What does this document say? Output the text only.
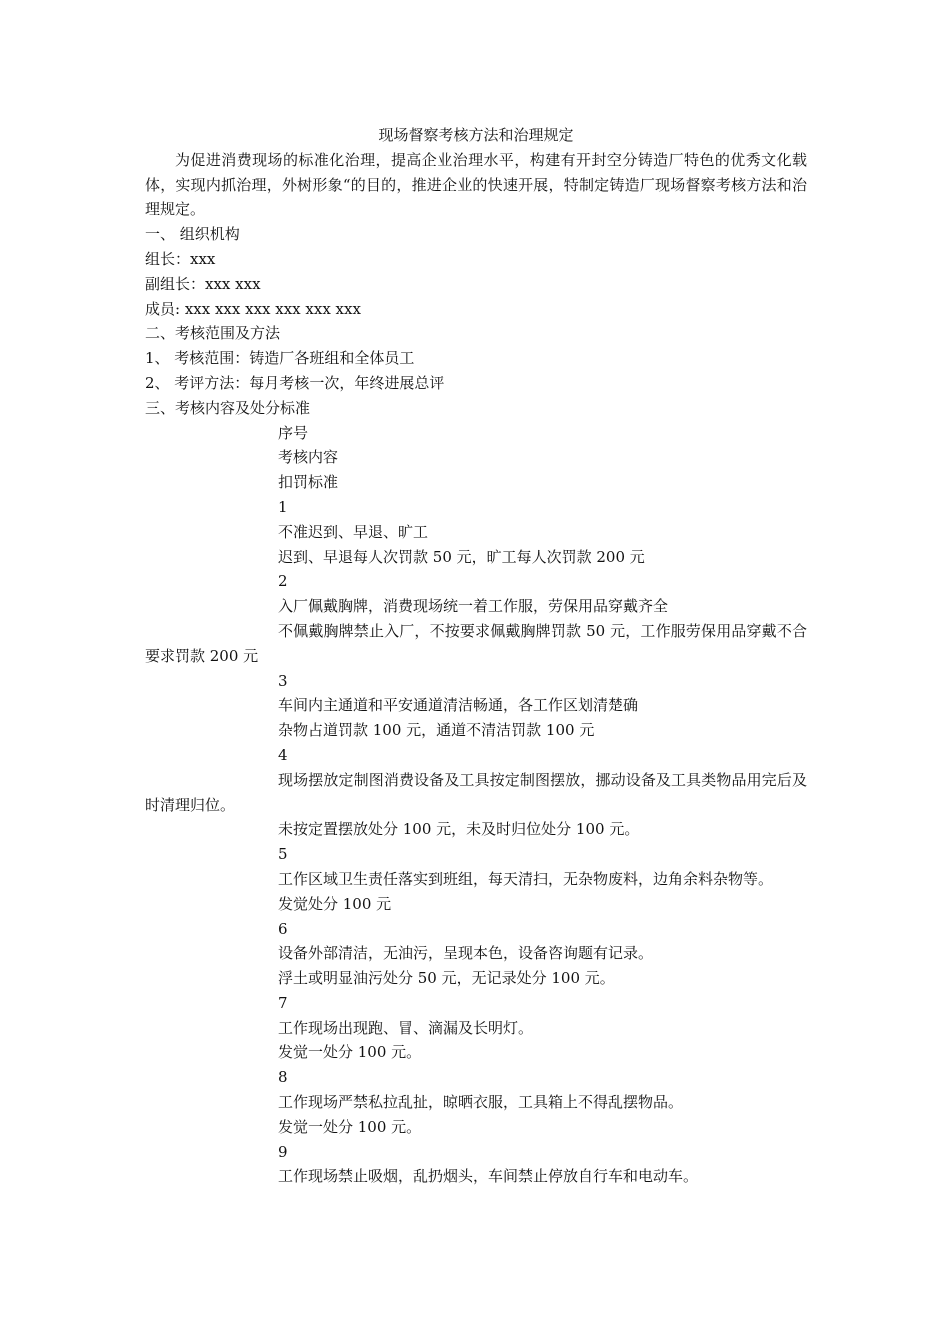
现场督察考核方法和治理规定

为促进消费现场的标准化治理，提高企业治理水平，构建有开封空分铸造厂特色的优秀文化载体，实现内抓治理，外树形象“的目的，推进企业的快速开展，特制定铸造厂现场督察考核方法和治理规定。

一、 组织机构

组长：xxx

副组长：xxx xxx

成员: xxx xxx xxx xxx xxx xxx

二、考核范围及方法

1、 考核范围：铸造厂各班组和全体员工

2、 考评方法：每月考核一次，年终进展总评

三、考核内容及处分标准

序号

考核内容

扣罚标准

1

不准迟到、早退、旷工

迟到、早退每人次罚款 50 元，旷工每人次罚款 200 元

2

入厂佩戴胸牌，消费现场统一着工作服，劳保用品穿戴齐全

不佩戴胸牌禁止入厂，不按要求佩戴胸牌罚款 50 元，工作服劳保用品穿戴不合要求罚款 200 元

3

车间内主通道和平安通道清洁畅通，各工作区划清楚确

杂物占道罚款 100 元，通道不清洁罚款 100 元

4

现场摆放定制图消费设备及工具按定制图摆放，挪动设备及工具类物品用完后及时清理归位。

未按定置摆放处分 100 元，未及时归位处分 100 元。

5

工作区域卫生责任落实到班组，每天清扫，无杂物废料，边角余料杂物等。

发觉处分 100 元

6

设备外部清洁，无油污，呈现本色，设备咨询题有记录。

浮土或明显油污处分 50 元，无记录处分 100 元。

7

工作现场出现跑、冒、滴漏及长明灯。

发觉一处分 100 元。

8

工作现场严禁私拉乱扯，晾晒衣服，工具箱上不得乱摆物品。

发觉一处分 100 元。

9

工作现场禁止吸烟，乱扔烟头，车间禁止停放自行车和电动车。
